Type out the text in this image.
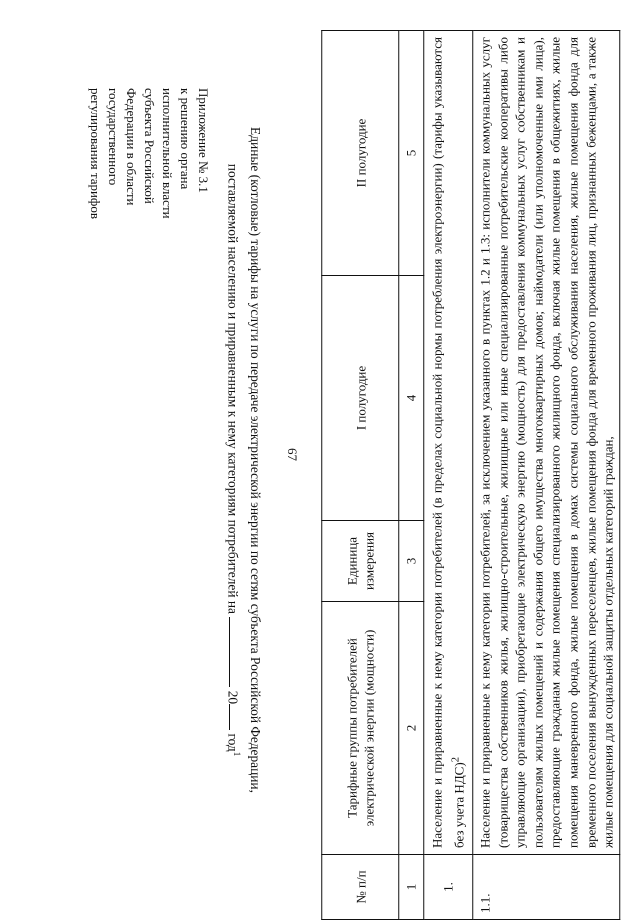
67
Приложение № 3.1
к решению органа
исполнительной власти
субъекта Российской
Федерации в области
государственного
регулирования тарифов	Единые (котловые) тарифы на услуги по передаче электрической энергии по сетям субъекта Российской Федерации,
поставляемой населению и приравненным к нему категориям потребителей на  20 год$^1$
№ п/п	Тарифные группы потребителей электрической энергии (мощности)	Единица измерения	I полугодие	II полугодие
1	2	3	4	5
1.	Население и приравненные к нему категории потребителей (в пределах социальной нормы потребления электроэнергии) (тарифы указываются без учета НДС)$^2$
1.1.	Население и приравненные к нему категории потребителей, за исключением указанного в пунктах 1.2 и 1.3: исполнители коммунальных услуг (товарищества собственников жилья, жилищно-строительные, жилищные или иные специализированные потребительские кооперативы либо управляющие организации), приобретающие электрическую энергию (мощность) для предоставления коммунальных услуг собственникам и пользователям жилых помещений и содержания общего имущества многоквартирных домов; наймодатели (или уполномоченные ими лица), предоставляющие гражданам жилые помещения специализированного жилищного фонда, включая жилые помещения в общежитиях, жилые помещения маневренного фонда, жилые помещения в домах системы социального обслуживания населения, жилые помещения фонда для временного поселения вынужденных переселенцев, жилые помещения фонда для временного проживания лиц, признанных беженцами, а также жилые помещения для социальной защиты отдельных категорий граждан,			
